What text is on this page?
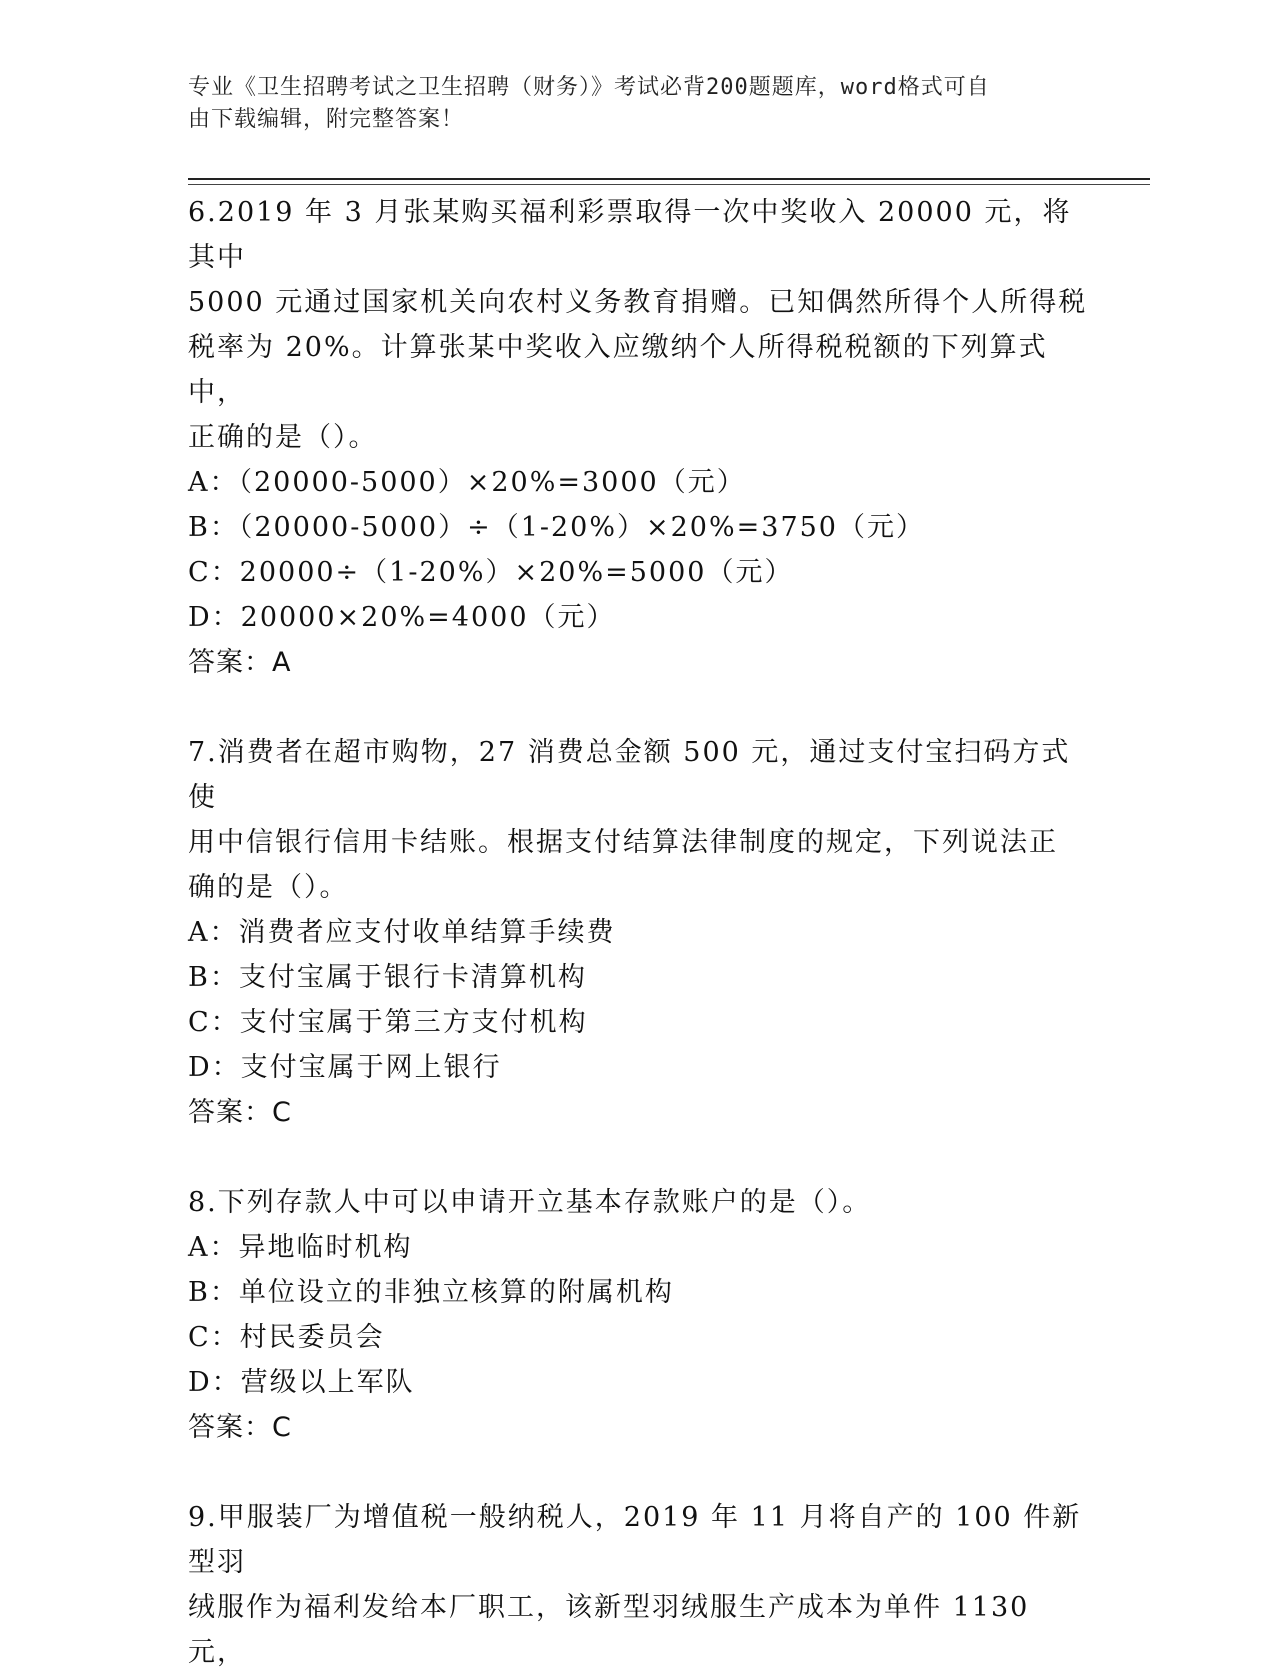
专业《卫生招聘考试之卫生招聘（财务）》考试必背200题题库，word格式可自
由下载编辑，附完整答案！

6.2019 年 3 月张某购买福利彩票取得一次中奖收入 20000 元，将其中

5000 元通过国家机关向农村义务教育捐赠。已知偶然所得个人所得税

税率为 20%。计算张某中奖收入应缴纳个人所得税税额的下列算式中，

正确的是（）。

A：（20000-5000）×20%=3000（元）

B：（20000-5000）÷（1-20%）×20%=3750（元）

C：20000÷（1-20%）×20%=5000（元）

D：20000×20%=4000（元）

答案：A

7.消费者在超市购物，27 消费总金额 500 元，通过支付宝扫码方式使

用中信银行信用卡结账。根据支付结算法律制度的规定，下列说法正

确的是（）。

A：消费者应支付收单结算手续费

B：支付宝属于银行卡清算机构

C：支付宝属于第三方支付机构

D：支付宝属于网上银行

答案：C

8.下列存款人中可以申请开立基本存款账户的是（）。

A：异地临时机构

B：单位设立的非独立核算的附属机构

C：村民委员会

D：营级以上军队

答案：C

9.甲服装厂为增值税一般纳税人，2019 年 11 月将自产的 100 件新型羽

绒服作为福利发给本厂职工，该新型羽绒服生产成本为单件 1130 元，
